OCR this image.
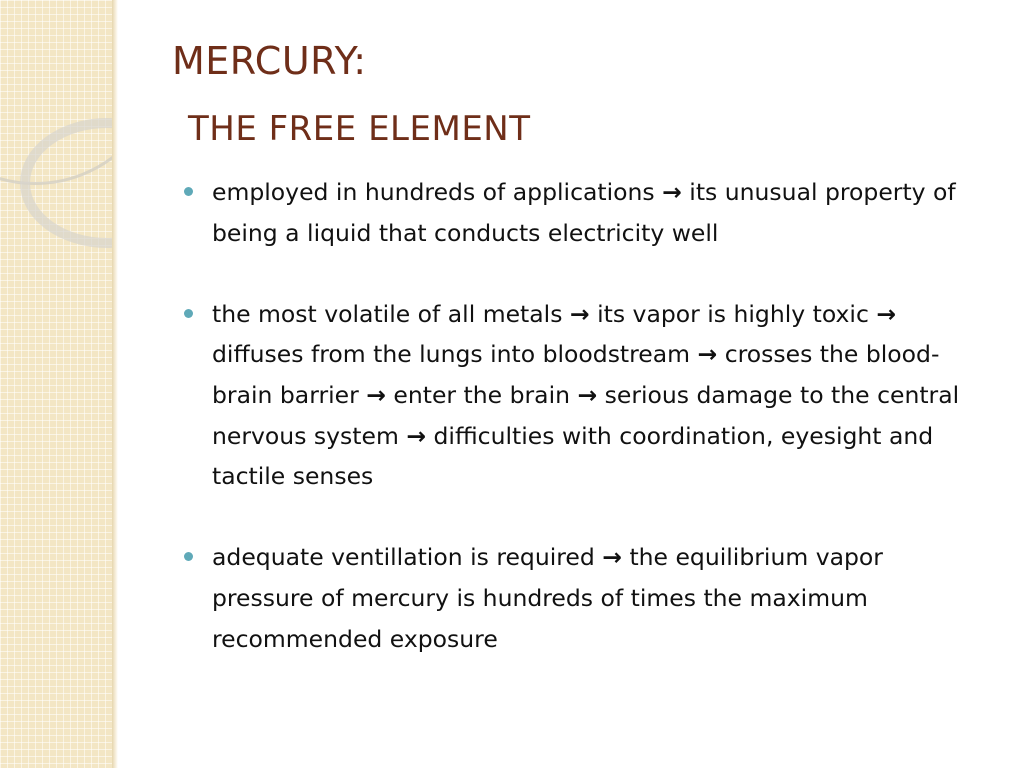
MERCURY:
THE FREE ELEMENT
employed in hundreds of applications → its unusual property of being a liquid that conducts electricity well
the most volatile of all metals → its vapor is highly toxic → diffuses from the lungs into bloodstream → crosses the blood-brain barrier → enter the brain → serious damage to the central nervous system → difficulties with coordination, eyesight and tactile senses
adequate ventillation is required → the equilibrium vapor pressure of mercury is hundreds of times the maximum recommended exposure
